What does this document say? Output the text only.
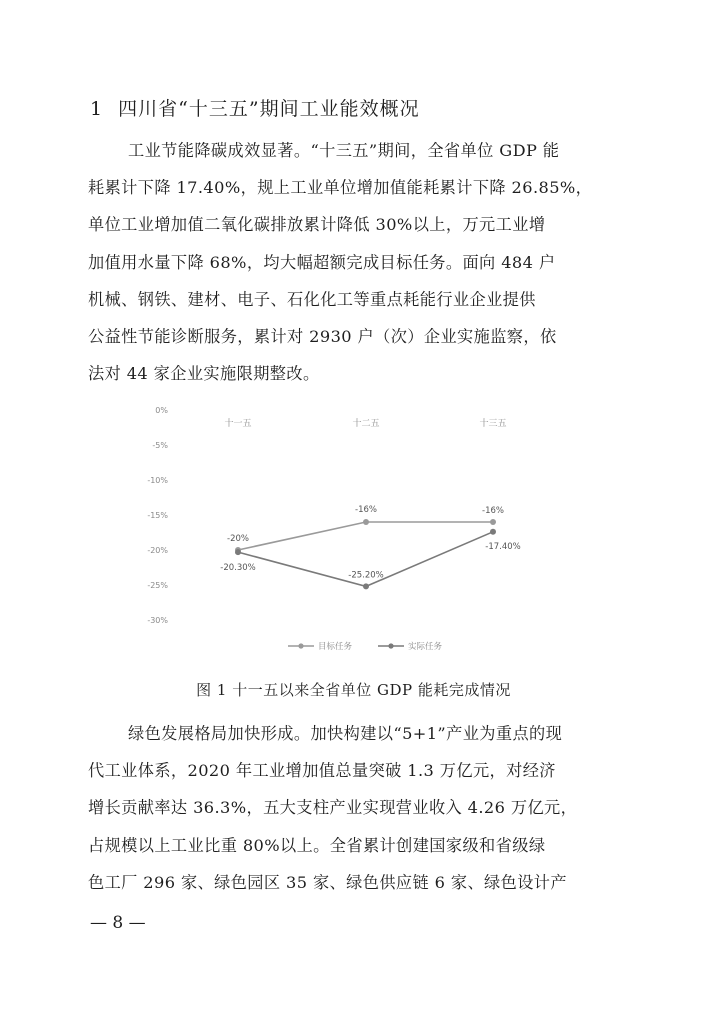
1 四川省“十三五”期间工业能效概况
工业节能降碳成效显著。“十三五”期间，全省单位 GDP 能
耗累计下降 17.40%，规上工业单位增加值能耗累计下降 26.85%，
单位工业增加值二氧化碳排放累计降低 30%以上，万元工业增
加值用水量下降 68%，均大幅超额完成目标任务。面向 484 户
机械、钢铁、建材、电子、石化化工等重点耗能行业企业提供
公益性节能诊断服务，累计对 2930 户（次）企业实施监察，依
法对 44 家企业实施限期整改。
0%
-5%
-10%
-15%
-20%
-25%
-30%
十一五	十二五	十三五
-20%
-16%	-16%
-20.30%
-25.20%
-17.40%
目标任务	实际任务
图 1 十一五以来全省单位 GDP 能耗完成情况
绿色发展格局加快形成。加快构建以“5+1”产业为重点的现
代工业体系，2020 年工业增加值总量突破 1.3 万亿元，对经济
增长贡献率达 36.3%，五大支柱产业实现营业收入 4.26 万亿元，
占规模以上工业比重 80%以上。全省累计创建国家级和省级绿
色工厂 296 家、绿色园区 35 家、绿色供应链 6 家、绿色设计产
— 8 —
